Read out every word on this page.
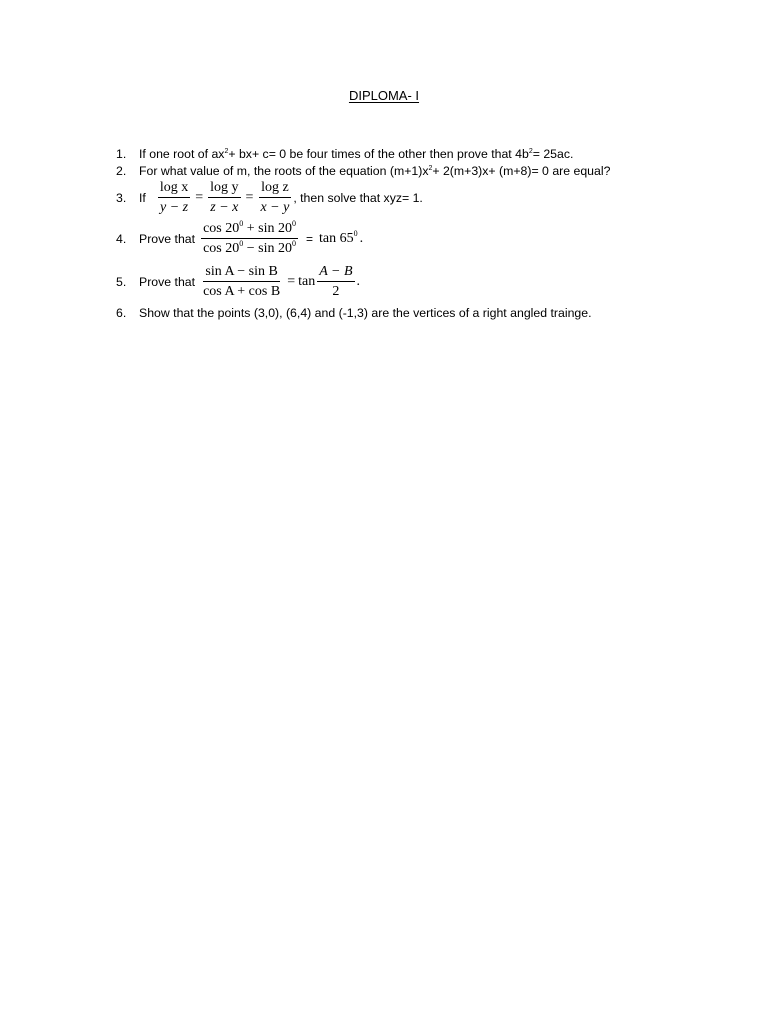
DIPLOMA- I
1.	If one root of $ax^2+ bx+ c= 0$ be four times of the other then prove that $4b^2= 25ac$.
2.	For what value of m, the roots of the equation $(m+1)x^2+ 2(m+3)x+ (m+8)= 0$ are equal?
3.	If $\frac{\text{log x}}{y - z} = \frac{\text{log y}}{z - x} = \frac{\text{log z}}{x - y}$ , then solve that xyz= 1.
4.	Prove that $\frac{\cos 20^0 + \sin 20^0}{\cos 20^0 - \sin 20^0} = \tan 65^0$ .
5.	Prove that $\frac{\text{sin A − sin B}}{\text{cos A + cos B}} = \tan \frac{A - B}{2}$ .
6.	Show that the points (3,0), (6,4) and (-1,3) are the vertices of a right angled trainge.
